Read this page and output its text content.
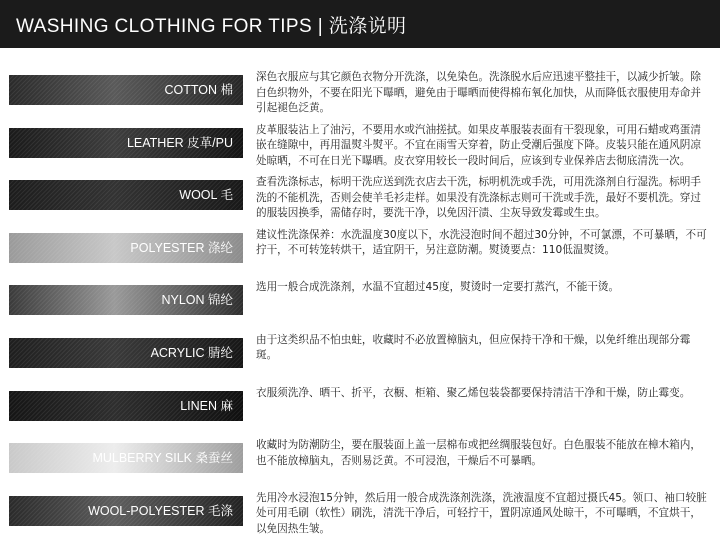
WASHING CLOTHING FOR TIPS | 洗涤说明
COTTON 棉

深色衣服应与其它颜色衣物分开洗涤，以免染色。洗涤脱水后应迅速平整挂干，以减少折皱。除白色织物外，不要在阳光下曝晒，避免由于曝晒而使得棉布氧化加快，从而降低衣服使用寿命并引起褪色泛黄。

LEATHER 皮革/PU

皮革服装沾上了油污，不要用水或汽油搓拭。如果皮革服装表面有干裂现象，可用石蜡或鸡蛋清嵌在缝隙中，再用温熨斗熨平。不宜在雨雪天穿着，防止受潮后强度下降。皮装只能在通风阴凉处晾晒，不可在日光下曝晒。皮衣穿用较长一段时间后，应该到专业保养店去彻底清洗一次。

WOOL 毛

查看洗涤标志，标明干洗应送到洗衣店去干洗，标明机洗或手洗，可用洗涤剂自行湿洗。标明手洗的不能机洗，否则会使羊毛衫走样。如果没有洗涤标志则可干洗或手洗，最好不要机洗。穿过的服装因换季，需储存时，要洗干净，以免因汗渍、尘灰导致发霉或生虫。

POLYESTER 涤纶

建议性洗涤保养：水洗温度30度以下，水洗浸泡时间不超过30分钟，不可氯漂，不可暴晒，不可拧干，不可转笼转烘干，适宜阴干，另注意防潮。熨烫要点：110低温熨烫。

NYLON 锦纶

选用一般合成洗涤剂，水温不宜超过45度，熨烫时一定要打蒸汽，不能干烫。

ACRYLIC 腈纶

由于这类织品不怕虫蛀，收藏时不必放置樟脑丸，但应保持干净和干燥，以免纤维出现部分霉斑。

LINEN 麻

衣服须洗净、晒干、折平，衣橱、柜箱、聚乙烯包装袋都要保持清洁干净和干燥，防止霉变。

MULBERRY SILK 桑蚕丝

收藏时为防潮防尘，要在服装面上盖一层棉布或把丝绸服装包好。白色服装不能放在樟木箱内，也不能放樟脑丸，否则易泛黄。不可浸泡，干燥后不可暴晒。

WOOL-POLYESTER 毛涤

先用冷水浸泡15分钟，然后用一般合成洗涤剂洗涤，洗液温度不宜超过摄氏45。领口、袖口较脏处可用毛刷（软性）刷洗，清洗干净后，可轻拧干，置阴凉通风处晾干，不可曝晒，不宜烘干，以免因热生皱。
